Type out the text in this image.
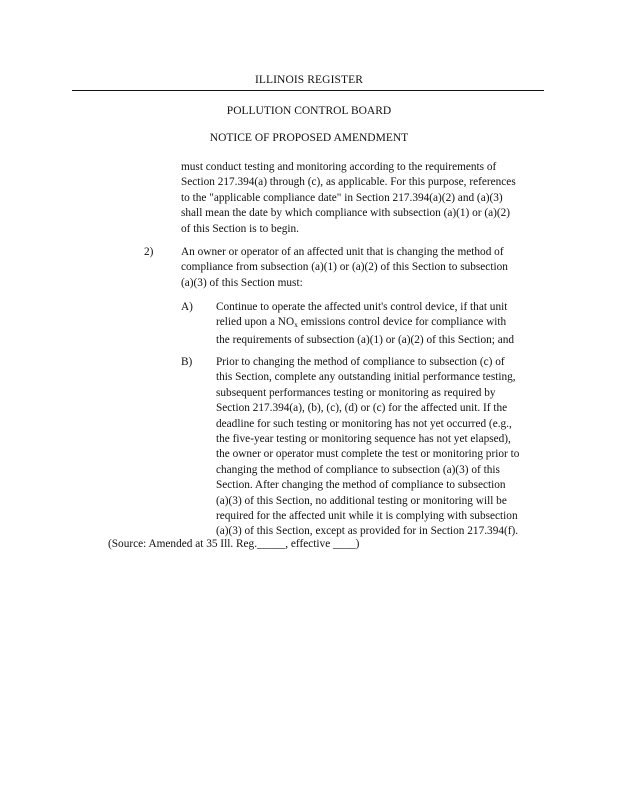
ILLINOIS REGISTER
POLLUTION CONTROL BOARD
NOTICE OF PROPOSED AMENDMENT

must conduct testing and monitoring according to the requirements of

Section 217.394(a) through (c), as applicable. For this purpose, references

to the "applicable compliance date" in Section 217.394(a)(2) and (a)(3)

shall mean the date by which compliance with subsection (a)(1) or (a)(2)

of this Section is to begin.

2) An owner or operator of an affected unit that is changing the method of

compliance from subsection (a)(1) or (a)(2) of this Section to subsection

(a)(3) of this Section must:

A) Continue to operate the affected unit's control device, if that unit

relied upon a $NO_x$ emissions control device for compliance with

the requirements of subsection (a)(1) or (a)(2) of this Section; and

B) Prior to changing the method of compliance to subsection (c) of

this Section, complete any outstanding initial performance testing,

subsequent performances testing or monitoring as required by

Section 217.394(a), (b), (c), (d) or (c) for the affected unit. If the

deadline for such testing or monitoring has not yet occurred (e.g.,

the five-year testing or monitoring sequence has not yet elapsed),

the owner or operator must complete the test or monitoring prior to

changing the method of compliance to subsection (a)(3) of this

Section. After changing the method of compliance to subsection

(a)(3) of this Section, no additional testing or monitoring will be

required for the affected unit while it is complying with subsection

(a)(3) of this Section, except as provided for in Section 217.394(f).

(Source: Amended at 35 Ill. Reg._____, effective ____)
